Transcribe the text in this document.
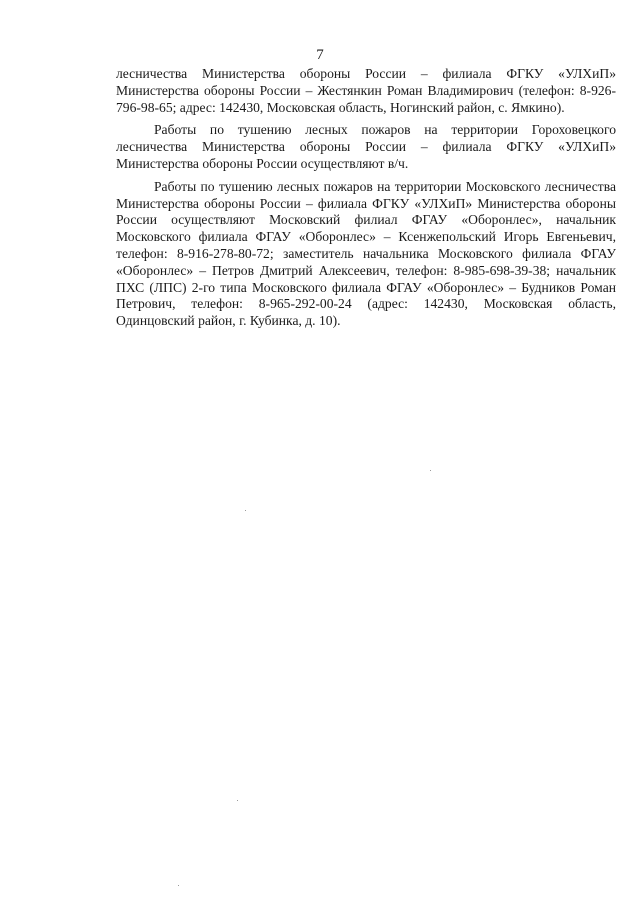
7

лесничества Министерства обороны России – филиала ФГКУ «УЛХиП» Министерства обороны России – Жестянкин Роман Владимирович (телефон: 8-926-796-98-65; адрес: 142430, Московская область, Ногинский район, с. Ямкино).

Работы по тушению лесных пожаров на территории Гороховецкого лесничества Министерства обороны России – филиала ФГКУ «УЛХиП» Министерства обороны России осуществляют в/ч.

Работы по тушению лесных пожаров на территории Московского лесничества Министерства обороны России – филиала ФГКУ «УЛХиП» Министерства обороны России осуществляют Московский филиал ФГАУ «Оборонлес», начальник Московского филиала ФГАУ «Оборонлес» – Ксенжепольский Игорь Евгеньевич, телефон: 8-916-278-80-72; заместитель начальника Московского филиала ФГАУ «Оборонлес» – Петров Дмитрий Алексеевич, телефон: 8-985-698-39-38; начальник ПХС (ЛПС) 2-го типа Московского филиала ФГАУ «Оборонлес» – Будников Роман Петрович, телефон: 8-965-292-00-24 (адрес: 142430, Московская область, Одинцовский район, г. Кубинка, д. 10).
